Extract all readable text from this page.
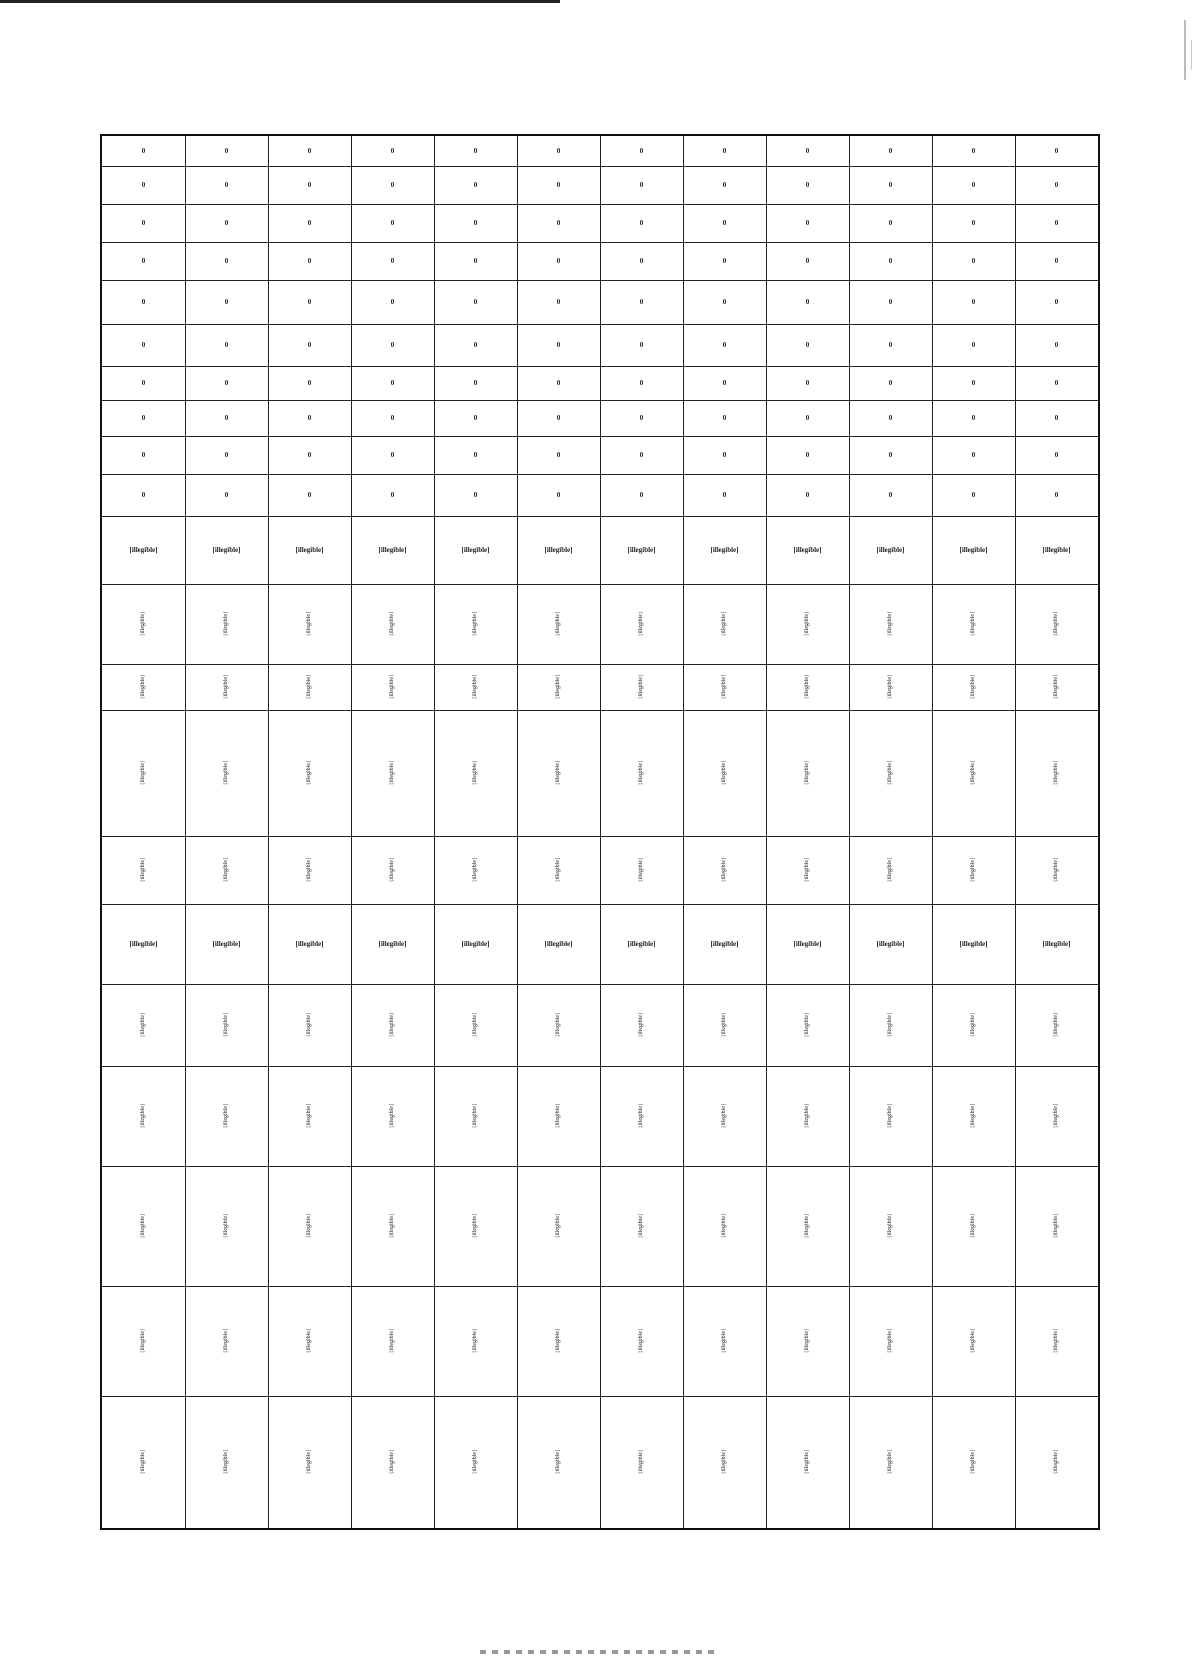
0
0
0
0
0
0
0
0
0
0
[illegible]
[illegible]
[illegible]
[illegible]
[illegible]
[illegible]
[illegible]
[illegible]
[illegible]
[illegible]
[illegible]
0
0
0
0
0
0
0
0
0
0
[illegible]
[illegible]
[illegible]
[illegible]
[illegible]
[illegible]
[illegible]
[illegible]
[illegible]
[illegible]
[illegible]
0
0
0
0
0
0
0
0
0
0
[illegible]
[illegible]
[illegible]
[illegible]
[illegible]
[illegible]
[illegible]
[illegible]
[illegible]
[illegible]
[illegible]
0
0
0
0
0
0
0
0
0
0
[illegible]
[illegible]
[illegible]
[illegible]
[illegible]
[illegible]
[illegible]
[illegible]
[illegible]
[illegible]
[illegible]
0
0
0
0
0
0
0
0
0
0
[illegible]
[illegible]
[illegible]
[illegible]
[illegible]
[illegible]
[illegible]
[illegible]
[illegible]
[illegible]
[illegible]
0
0
0
0
0
0
0
0
0
0
[illegible]
[illegible]
[illegible]
[illegible]
[illegible]
[illegible]
[illegible]
[illegible]
[illegible]
[illegible]
[illegible]
0
0
0
0
0
0
0
0
0
0
[illegible]
[illegible]
[illegible]
[illegible]
[illegible]
[illegible]
[illegible]
[illegible]
[illegible]
[illegible]
[illegible]
0
0
0
0
0
0
0
0
0
0
[illegible]
[illegible]
[illegible]
[illegible]
[illegible]
[illegible]
[illegible]
[illegible]
[illegible]
[illegible]
[illegible]
0
0
0
0
0
0
0
0
0
0
[illegible]
[illegible]
[illegible]
[illegible]
[illegible]
[illegible]
[illegible]
[illegible]
[illegible]
[illegible]
[illegible]
0
0
0
0
0
0
0
0
0
0
[illegible]
[illegible]
[illegible]
[illegible]
[illegible]
[illegible]
[illegible]
[illegible]
[illegible]
[illegible]
[illegible]
0
0
0
0
0
0
0
0
0
0
[illegible]
[illegible]
[illegible]
[illegible]
[illegible]
[illegible]
[illegible]
[illegible]
[illegible]
[illegible]
[illegible]
0
0
0
0
0
0
0
0
0
0
[illegible]
[illegible]
[illegible]
[illegible]
[illegible]
[illegible]
[illegible]
[illegible]
[illegible]
[illegible]
[illegible]
